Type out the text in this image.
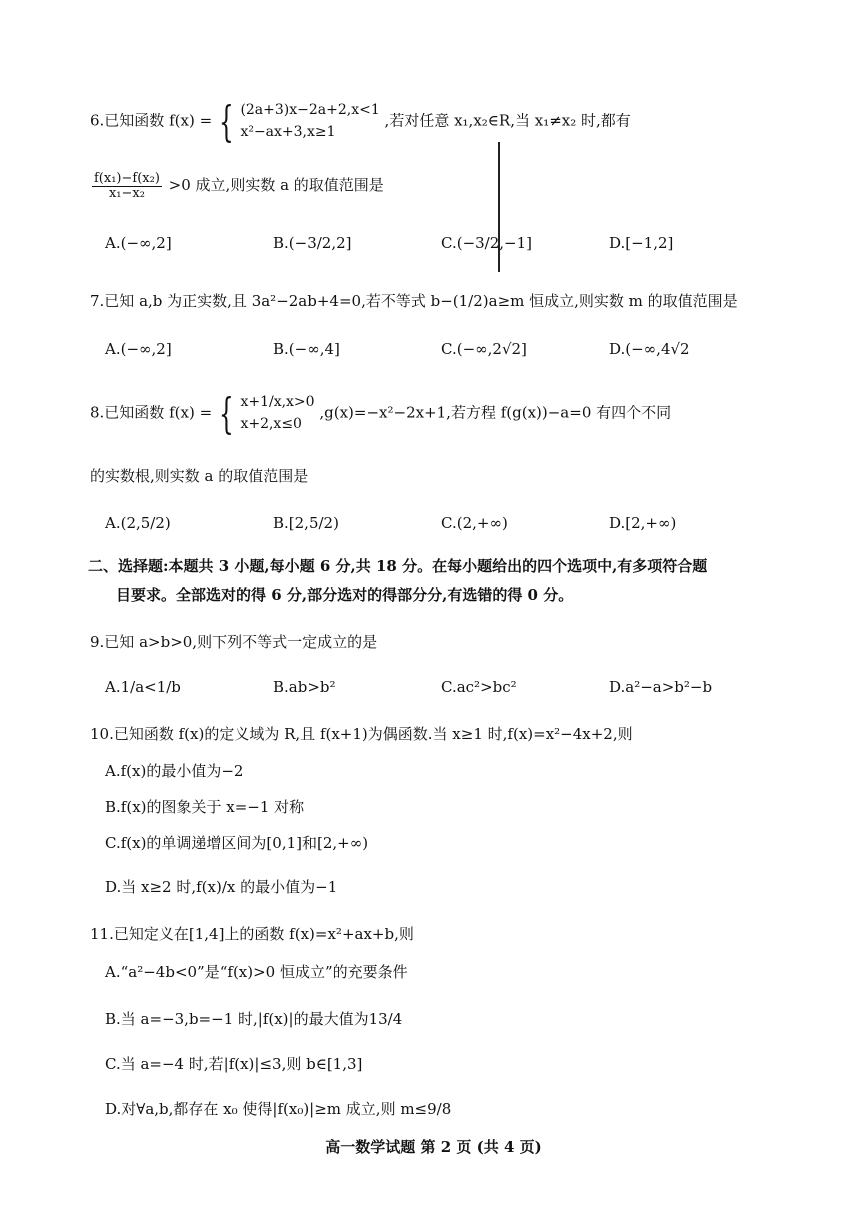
6.已知函数 f(x) = { (2a+3)x−2a+2,x<1
x²−ax+3,x≥1
,若对任意 x₁,x₂∈R,当 x₁≠x₂ 时,都有
$\frac{\text{f(x₁)−f(x₂)}}{\text{x₁−x₂}} >0$ 成立,则实数 a 的取值范围是
A.(−∞,2]	B.(−3/2,2]	C.(−3/2,−1]	D.[−1,2]
7.已知 a,b 为正实数,且 3a²−2ab+4=0,若不等式 b−(1/2)a≥m 恒成立,则实数 m 的取值范围是
A.(−∞,2]	B.(−∞,4]	C.(−∞,2√2]	D.(−∞,4√2
8.已知函数 f(x) = { x+1/x,x>0
x+2,x≤0
,g(x)=−x²−2x+1,若方程 f(g(x))−a=0 有四个不同
的实数根,则实数 a 的取值范围是
A.(2,5/2)	B.[2,5/2)	C.(2,+∞)	D.[2,+∞)
二、选择题:本题共 3 小题,每小题 6 分,共 18 分。在每小题给出的四个选项中,有多项符合题
目要求。全部选对的得 6 分,部分选对的得部分分,有选错的得 0 分。
9.已知 a>b>0,则下列不等式一定成立的是
A.1/a<1/b	B.ab>b²	C.ac²>bc²	D.a²−a>b²−b
10.已知函数 f(x)的定义域为 R,且 f(x+1)为偶函数.当 x≥1 时,f(x)=x²−4x+2,则
A.f(x)的最小值为−2
B.f(x)的图象关于 x=−1 对称
C.f(x)的单调递增区间为[0,1]和[2,+∞)
D.当 x≥2 时,f(x)/x 的最小值为−1
11.已知定义在[1,4]上的函数 f(x)=x²+ax+b,则
A.“a²−4b<0”是“f(x)>0 恒成立”的充要条件
B.当 a=−3,b=−1 时,|f(x)|的最大值为13/4
C.当 a=−4 时,若|f(x)|≤3,则 b∈[1,3]
D.对∀a,b,都存在 x₀ 使得|f(x₀)|≥m 成立,则 m≤9/8
高一数学试题 第 2 页 (共 4 页)
